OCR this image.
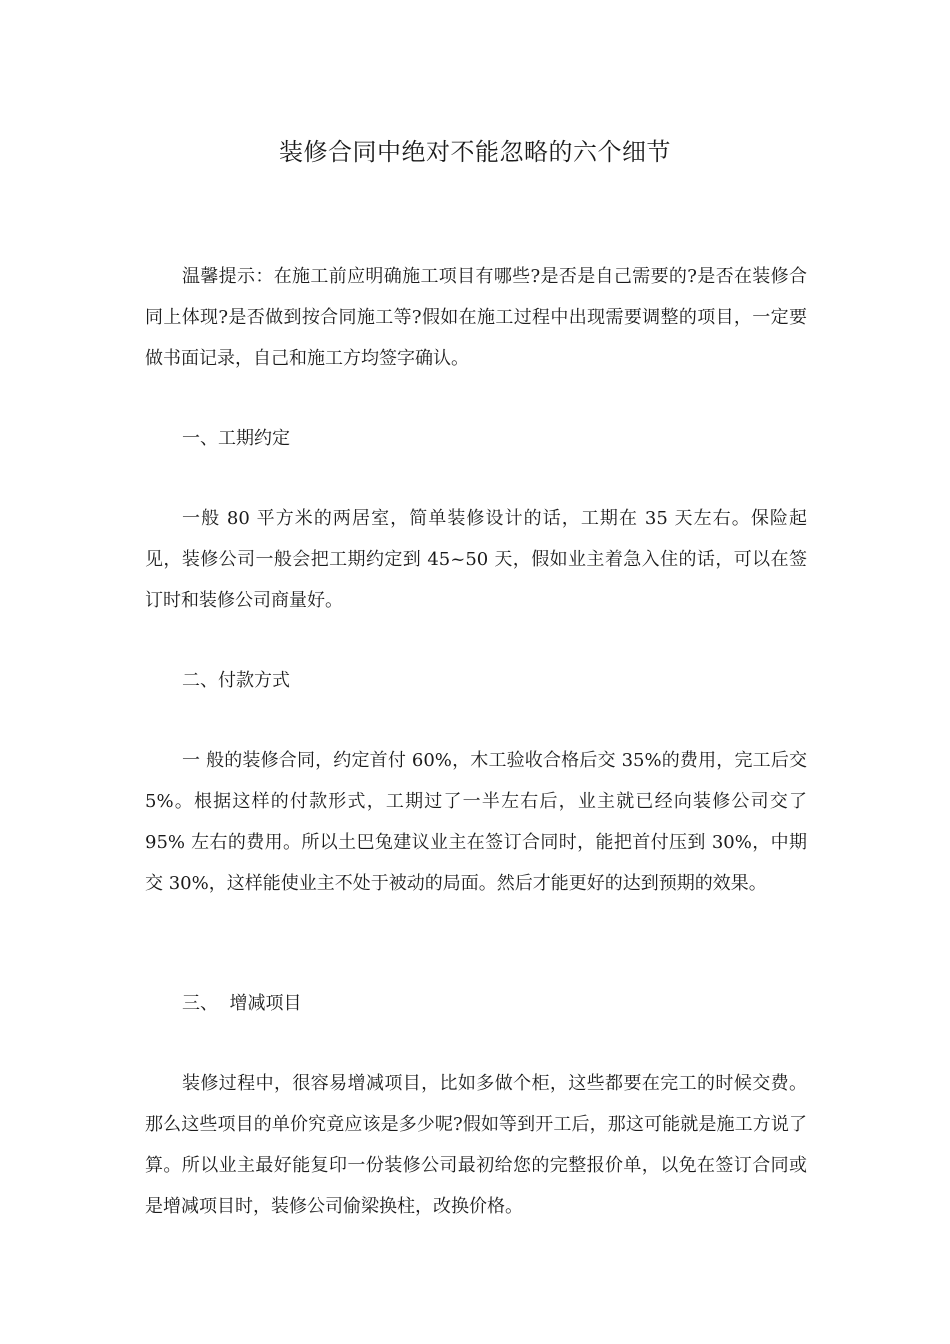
装修合同中绝对不能忽略的六个细节

温馨提示：在施工前应明确施工项目有哪些?是否是自己需要的?是否在装修合同上体现?是否做到按合同施工等?假如在施工过程中出现需要调整的项目，一定要做书面记录，自己和施工方均签字确认。

一、工期约定

一般 80 平方米的两居室，简单装修设计的话，工期在 35 天左右。保险起见，装修公司一般会把工期约定到 45~50 天，假如业主着急入住的话，可以在签订时和装修公司商量好。

二、付款方式

一 般的装修合同，约定首付 60%，木工验收合格后交 35%的费用，完工后交 5%。根据这样的付款形式，工期过了一半左右后，业主就已经向装修公司交了 95% 左右的费用。所以土巴兔建议业主在签订合同时，能把首付压到 30%，中期交 30%，这样能使业主不处于被动的局面。然后才能更好的达到预期的效果。

三、  增减项目

装修过程中，很容易增减项目，比如多做个柜，这些都要在完工的时候交费。那么这些项目的单价究竟应该是多少呢?假如等到开工后，那这可能就是施工方说了算。所以业主最好能复印一份装修公司最初给您的完整报价单，以免在签订合同或是增减项目时，装修公司偷梁换柱，改换价格。
